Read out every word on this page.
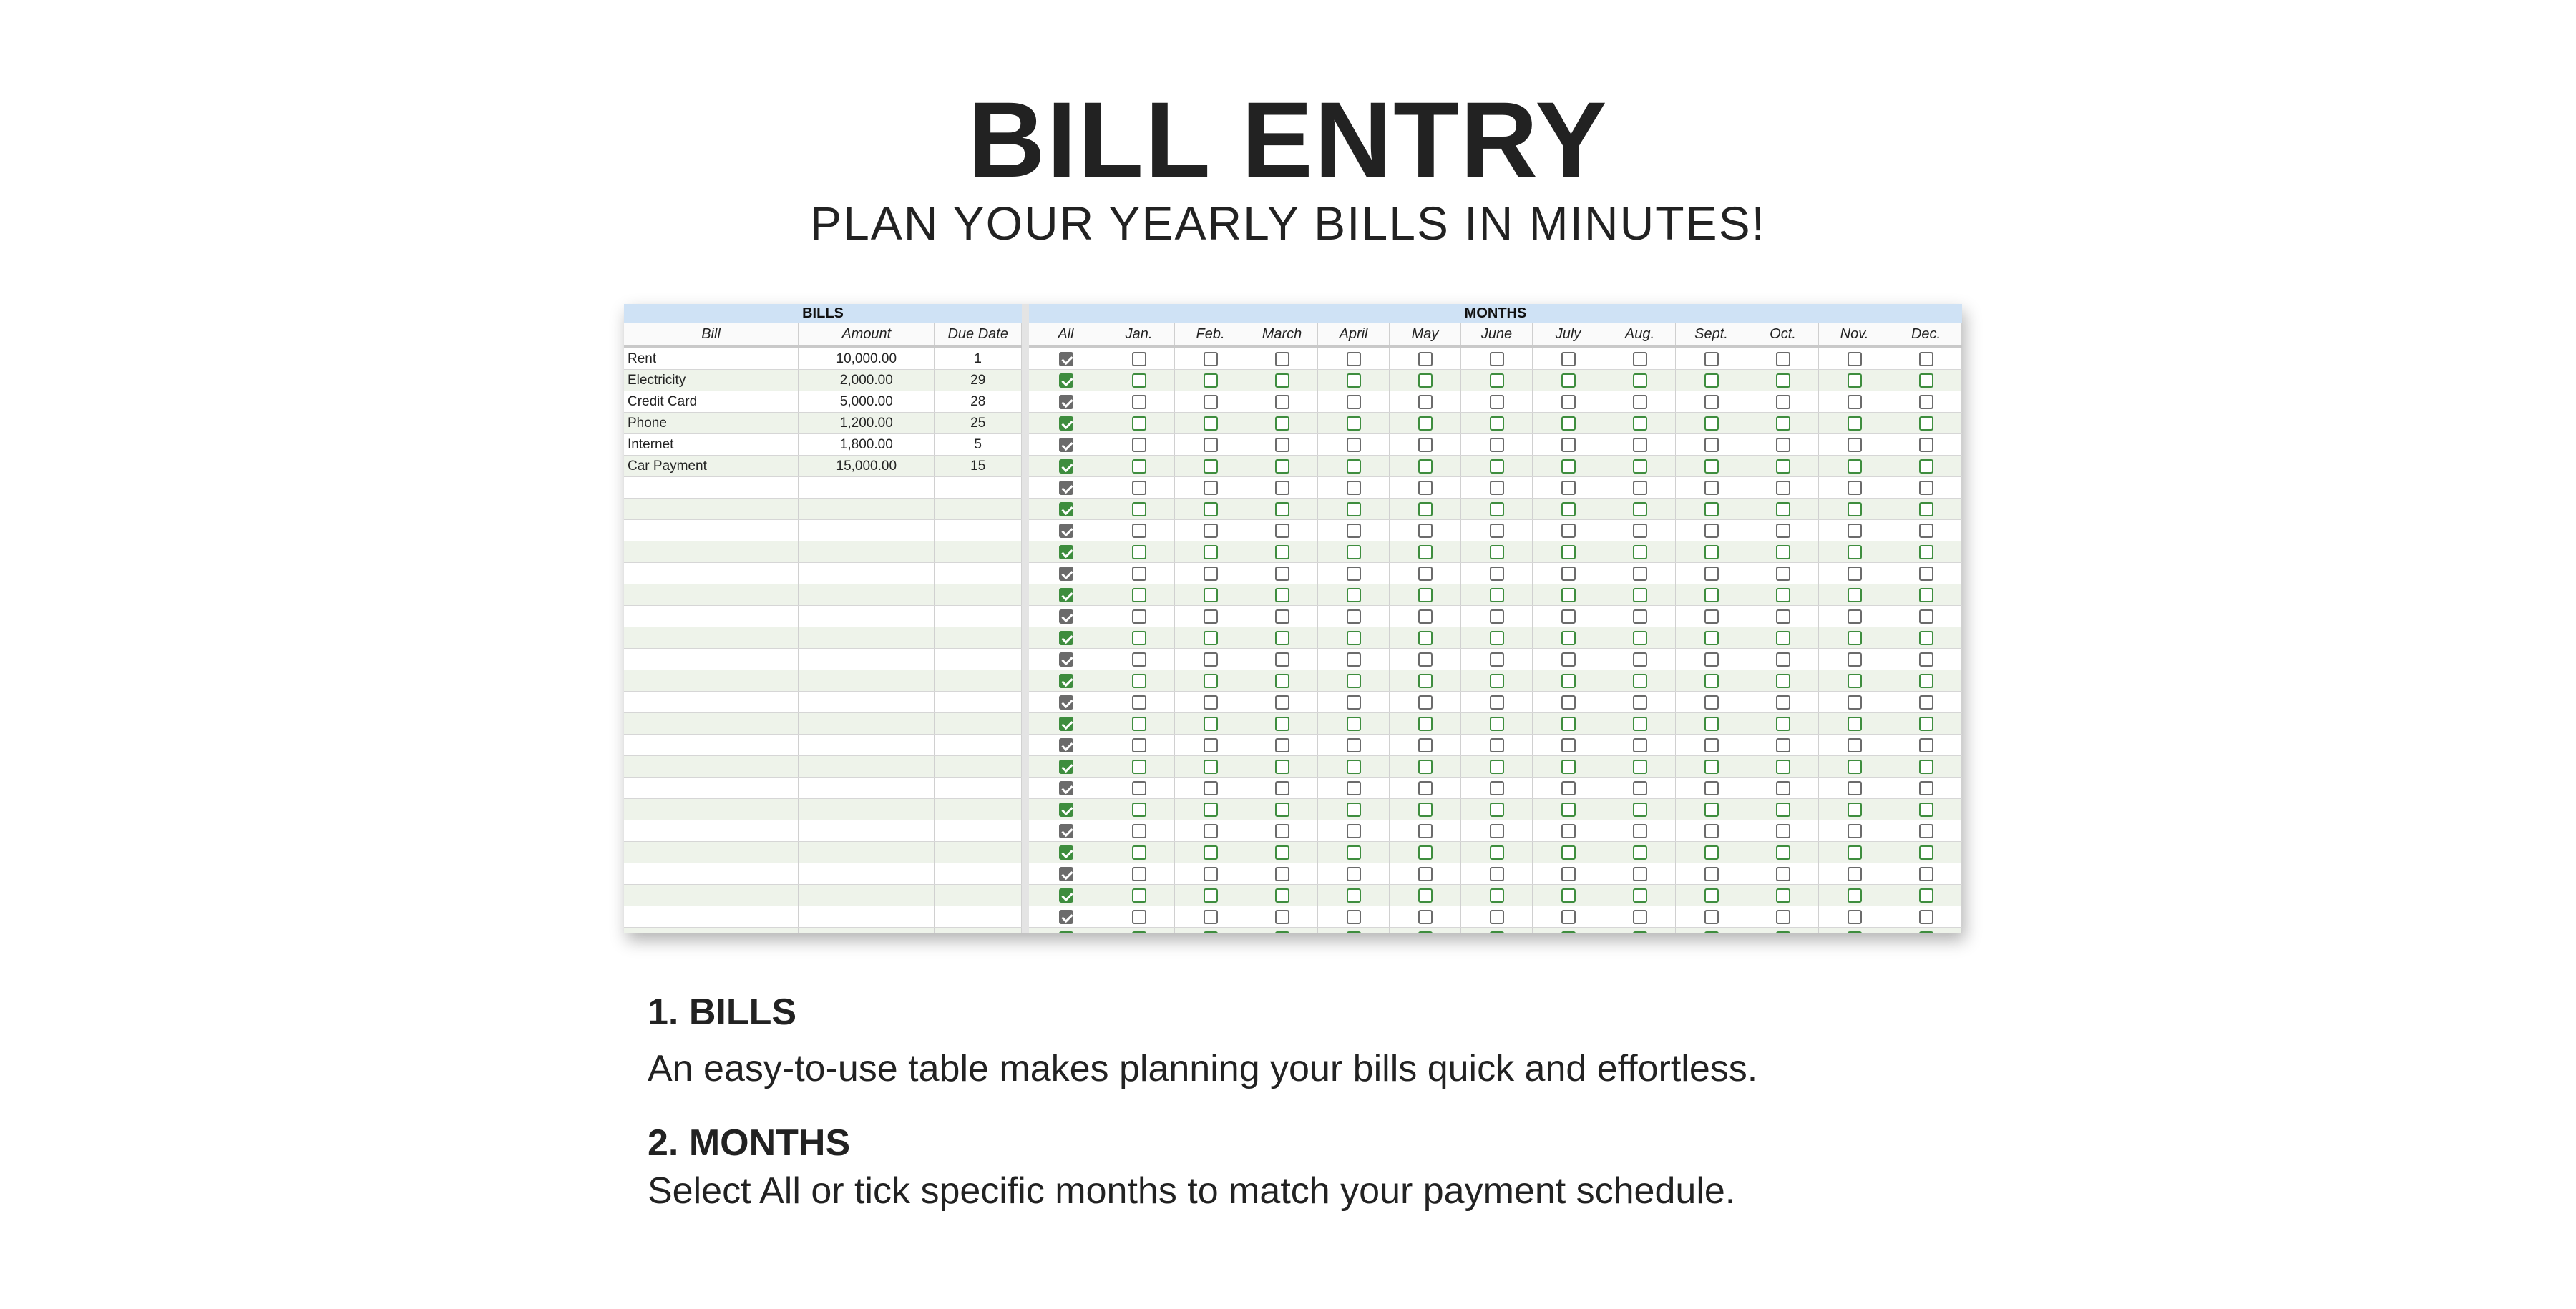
BILL ENTRY
PLAN YOUR YEARLY BILLS IN MINUTES!
BILLS
Bill	Amount	Due Date
Rent	10,000.00	1
Electricity	2,000.00	29
Credit Card	5,000.00	28
Phone	1,200.00	25
Internet	1,800.00	5
Car Payment	15,000.00	15
MONTHS
All	Jan.	Feb.	March	April	May	June	July	Aug.	Sept.	Oct.	Nov.	Dec.
1. BILLS
An easy-to-use table makes planning your bills quick and effortless.
2. MONTHS
Select All or tick specific months to match your payment schedule.
